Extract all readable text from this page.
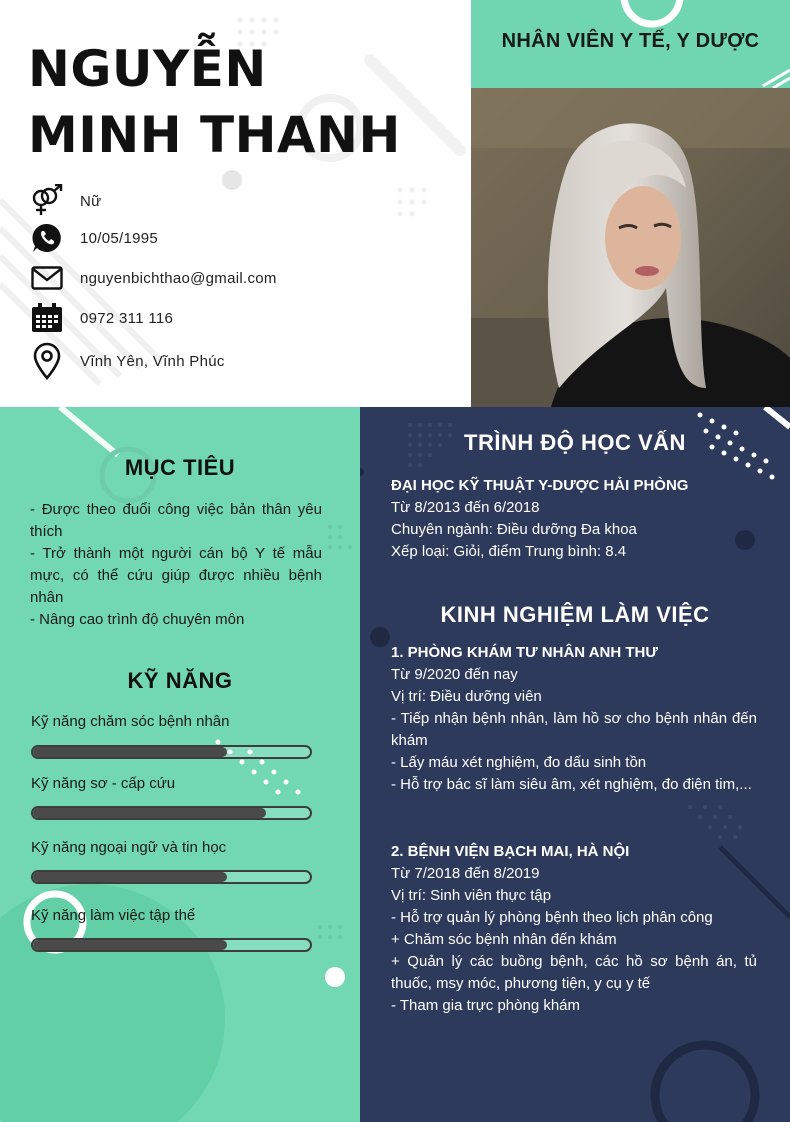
NGUYỄN
MINH THANH
Nữ
10/05/1995
nguyenbichthao@gmail.com
0972 311 116
Vĩnh Yên, Vĩnh Phúc
NHÂN VIÊN Y TẾ, Y DƯỢC
MỤC TIÊU
- Được theo đuổi công việc bản thân yêu thích
- Trở thành một người cán bộ Y tế mẫu mực, có thể cứu giúp được nhiều bệnh nhân
- Nâng cao trình độ chuyên môn
KỸ NĂNG
Kỹ năng chăm sóc bệnh nhân
Kỹ năng sơ - cấp cứu
Kỹ năng ngoại ngữ và tin học
Kỹ năng làm việc tập thể
TRÌNH ĐỘ HỌC VẤN
ĐẠI HỌC KỸ THUẬT Y-DƯỢC HẢI PHÒNG
Từ 8/2013 đến 6/2018
Chuyên ngành: Điều dưỡng Đa khoa
Xếp loại: Giỏi, điểm Trung bình: 8.4
KINH NGHIỆM LÀM VIỆC
1. PHÒNG KHÁM TƯ NHÂN ANH THƯ
Từ 9/2020 đến nay
Vị trí: Điều dưỡng viên
- Tiếp nhận bệnh nhân, làm hồ sơ cho bệnh nhân đến khám
- Lấy máu xét nghiệm, đo dấu sinh tồn
- Hỗ trợ bác sĩ làm siêu âm, xét nghiệm, đo điện tim,...
2. BỆNH VIỆN BẠCH MAI, HÀ NỘI
Từ 7/2018 đến 8/2019
Vị trí: Sinh viên thực tập
- Hỗ trợ quản lý phòng bệnh theo lịch phân công
+ Chăm sóc bệnh nhân đến khám
+ Quản lý các buồng bệnh, các hồ sơ bệnh án, tủ thuốc, msy móc, phương tiện, y cụ y tế
- Tham gia trực phòng khám
